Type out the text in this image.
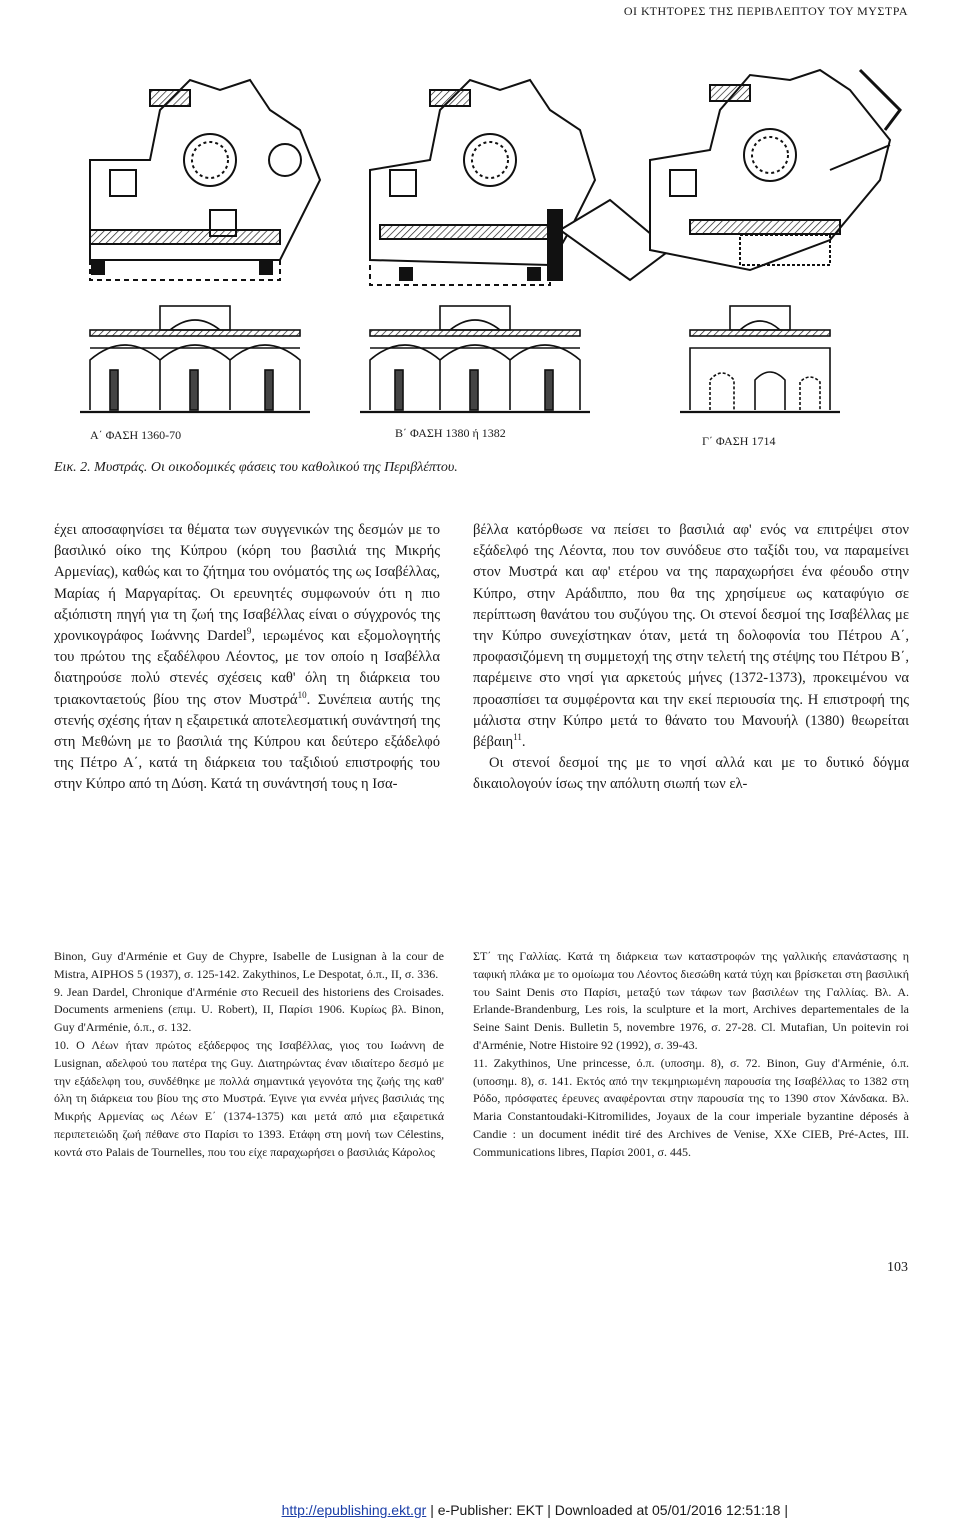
ΟΙ ΚΤΗΤΟΡΕΣ ΤΗΣ ΠΕΡΙΒΛΕΠΤΟΥ ΤΟΥ ΜΥΣΤΡΑ
Α΄ ΦΑΣΗ 1360-70	Β΄ ΦΑΣΗ 1380 ή 1382
Γ΄ ΦΑΣΗ 1714
Εικ. 2. Μυστράς. Οι οικοδομικές φάσεις του καθολικού της Περιβλέπτου.

έχει αποσαφηνίσει τα θέματα των συγγενικών της δεσμών με το βασιλικό οίκο της Κύπρου (κόρη του βασιλιά της Μικρής Αρμενίας), καθώς και το ζήτημα του ονόματός της ως Ισαβέλλας, Μαρίας ή Μαργαρίτας. Οι ερευνητές συμφωνούν ότι η πιο αξιόπιστη πηγή για τη ζωή της Ισαβέλλας είναι ο σύγχρονός της χρονικογράφος Ιωάννης Dardel$^9$, ιερωμένος και εξομολογητής του πρώτου της εξαδέλφου Λέοντος, με τον οποίο η Ισαβέλλα διατηρούσε πολύ στενές σχέσεις καθ' όλη τη διάρκεια του τριακονταετούς βίου της στον Μυστρά$^{10}$. Συνέπεια αυτής της στενής σχέσης ήταν η εξαιρετικά αποτελεσματική συνάντησή της στη Μεθώνη με το βασιλιά της Κύπρου και δεύτερο εξάδελφό της Πέτρο Α΄, κατά τη διάρκεια του ταξιδιού επιστροφής του στην Κύπρο από τη Δύση. Κατά τη συνάντησή τους η Ισα-

βέλλα κατόρθωσε να πείσει το βασιλιά αφ' ενός να επιτρέψει στον εξάδελφό της Λέοντα, που τον συνόδευε στο ταξίδι του, να παραμείνει στον Μυστρά και αφ' ετέρου να της παραχωρήσει ένα φέουδο στην Κύπρο, στην Αράδιππο, που θα της χρησίμευε ως καταφύγιο σε περίπτωση θανάτου του συζύγου της. Οι στενοί δεσμοί της Ισαβέλλας με την Κύπρο συνεχίστηκαν όταν, μετά τη δολοφονία του Πέτρου Α΄, προφασιζόμενη τη συμμετοχή της στην τελετή της στέψης του Πέτρου Β΄, παρέμεινε στο νησί για αρκετούς μήνες (1372-1373), προκειμένου να προασπίσει τα συμφέροντα και την εκεί περιουσία της. Η επιστροφή της μάλιστα στην Κύπρο μετά το θάνατο του Μανουήλ (1380) θεωρείται βέβαιη$^{11}$.

Οι στενοί δεσμοί της με το νησί αλλά και με το δυτικό δόγμα δικαιολογούν ίσως την απόλυτη σιωπή των ελ-

Binon, Guy d'Arménie et Guy de Chypre, Isabelle de Lusignan à la cour de Mistra, AIPHOS 5 (1937), σ. 125-142. Zakythinos, Le Despotat, ό.π., II, σ. 336.

9. Jean Dardel, Chronique d'Arménie στο Recueil des historiens des Croisades. Documents armeniens (επιμ. U. Robert), II, Παρίσι 1906. Κυρίως βλ. Binon, Guy d'Arménie, ό.π., σ. 132.

10. Ο Λέων ήταν πρώτος εξάδερφος της Ισαβέλλας, γιος του Ιωάννη de Lusignan, αδελφού του πατέρα της Guy. Διατηρώντας έναν ιδιαίτερο δεσμό με την εξάδελφη του, συνδέθηκε με πολλά σημαντικά γεγονότα της ζωής της καθ' όλη τη διάρκεια του βίου της στο Μυστρά. Έγινε για εννέα μήνες βασιλιάς της Μικρής Αρμενίας ως Λέων Ε΄ (1374-1375) και μετά από μια εξαιρετικά περιπετειώδη ζωή πέθανε στο Παρίσι το 1393. Ετάφη στη μονή των Célestins, κοντά στο Palais de Tournelles, που του είχε παραχωρήσει ο βασιλιάς Κάρολος

ΣΤ΄ της Γαλλίας. Κατά τη διάρκεια των καταστροφών της γαλλικής επανάστασης η ταφική πλάκα με το ομοίωμα του Λέοντος διεσώθη κατά τύχη και βρίσκεται στη βασιλική του Saint Denis στο Παρίσι, μεταξύ των τάφων των βασιλέων της Γαλλίας. Βλ. A. Erlande-Brandenburg, Les rois, la sculpture et la mort, Archives departementales de la Seine Saint Denis. Bulletin 5, novembre 1976, σ. 27-28. Cl. Mutafian, Un poitevin roi d'Arménie, Notre Histoire 92 (1992), σ. 39-43.

11. Zakythinos, Une princesse, ό.π. (υποσημ. 8), σ. 72. Binon, Guy d'Arménie, ό.π. (υποσημ. 8), σ. 141. Εκτός από την τεκμηριωμένη παρουσία της Ισαβέλλας το 1382 στη Ρόδο, πρόσφατες έρευνες αναφέρονται στην παρουσία της το 1390 στον Χάνδακα. Βλ. Maria Constantoudaki-Kitromilides, Joyaux de la cour imperiale byzantine déposés à Candie : un document inédit tiré des Archives de Venise, XXe CIEB, Pré-Actes, III. Communications libres, Παρίσι 2001, σ. 445.

103
http://epublishing.ekt.gr | e-Publisher: EKT | Downloaded at 05/01/2016 12:51:18 |
